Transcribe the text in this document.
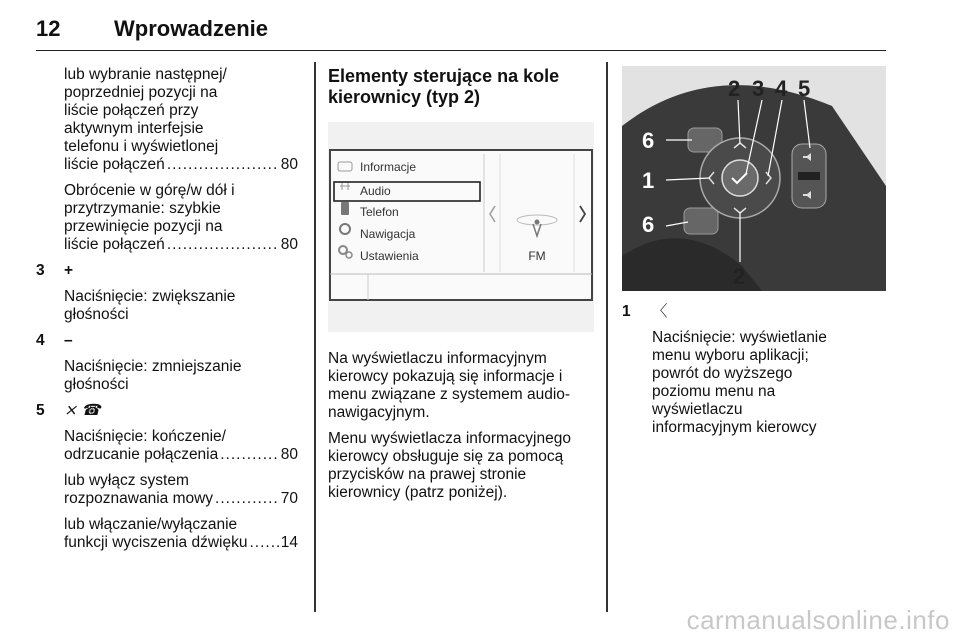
12 Wprowadzenie
lub wybranie następnej/
poprzedniej pozycji na
liście połączeń przy
aktywnym interfejsie
telefonu i wyświetlonej
liście połączeń .....	80
Obrócenie w górę/w dół i
przytrzymanie: szybkie
przewinięcie pozycji na
liście połączeń .....	80
3 +
Naciśnięcie: zwiększanie
głośności
4 –
Naciśnięcie: zmniejszanie
głośności
5 ⨯ ☎
Naciśnięcie: kończenie/
odrzucanie połączenia .....	80
lub wyłącz system
rozpoznawania mowy .....	70
lub włączanie/wyłączanie
funkcji wyciszenia dźwięku ..... 14
Elementy sterujące na kole
kierownicy (typ 2)
Informacje
Audio
Telefon
Nawigacja
Ustawienia	FM
Na wyświetlaczu informacyjnym
kierowcy pokazują się informacje i
menu związane z systemem audio-
nawigacyjnym.
Menu wyświetlacza informacyjnego
kierowcy obsługuje się za pomocą
przycisków na prawej stronie
kierownicy (patrz poniżej).
2 3 4 5
6
1
6
2
1 〈
Naciśnięcie: wyświetlanie
menu wyboru aplikacji;
powrót do wyższego
poziomu menu na
wyświetlaczu
informacyjnym kierowcy
carmanualsonline.info
